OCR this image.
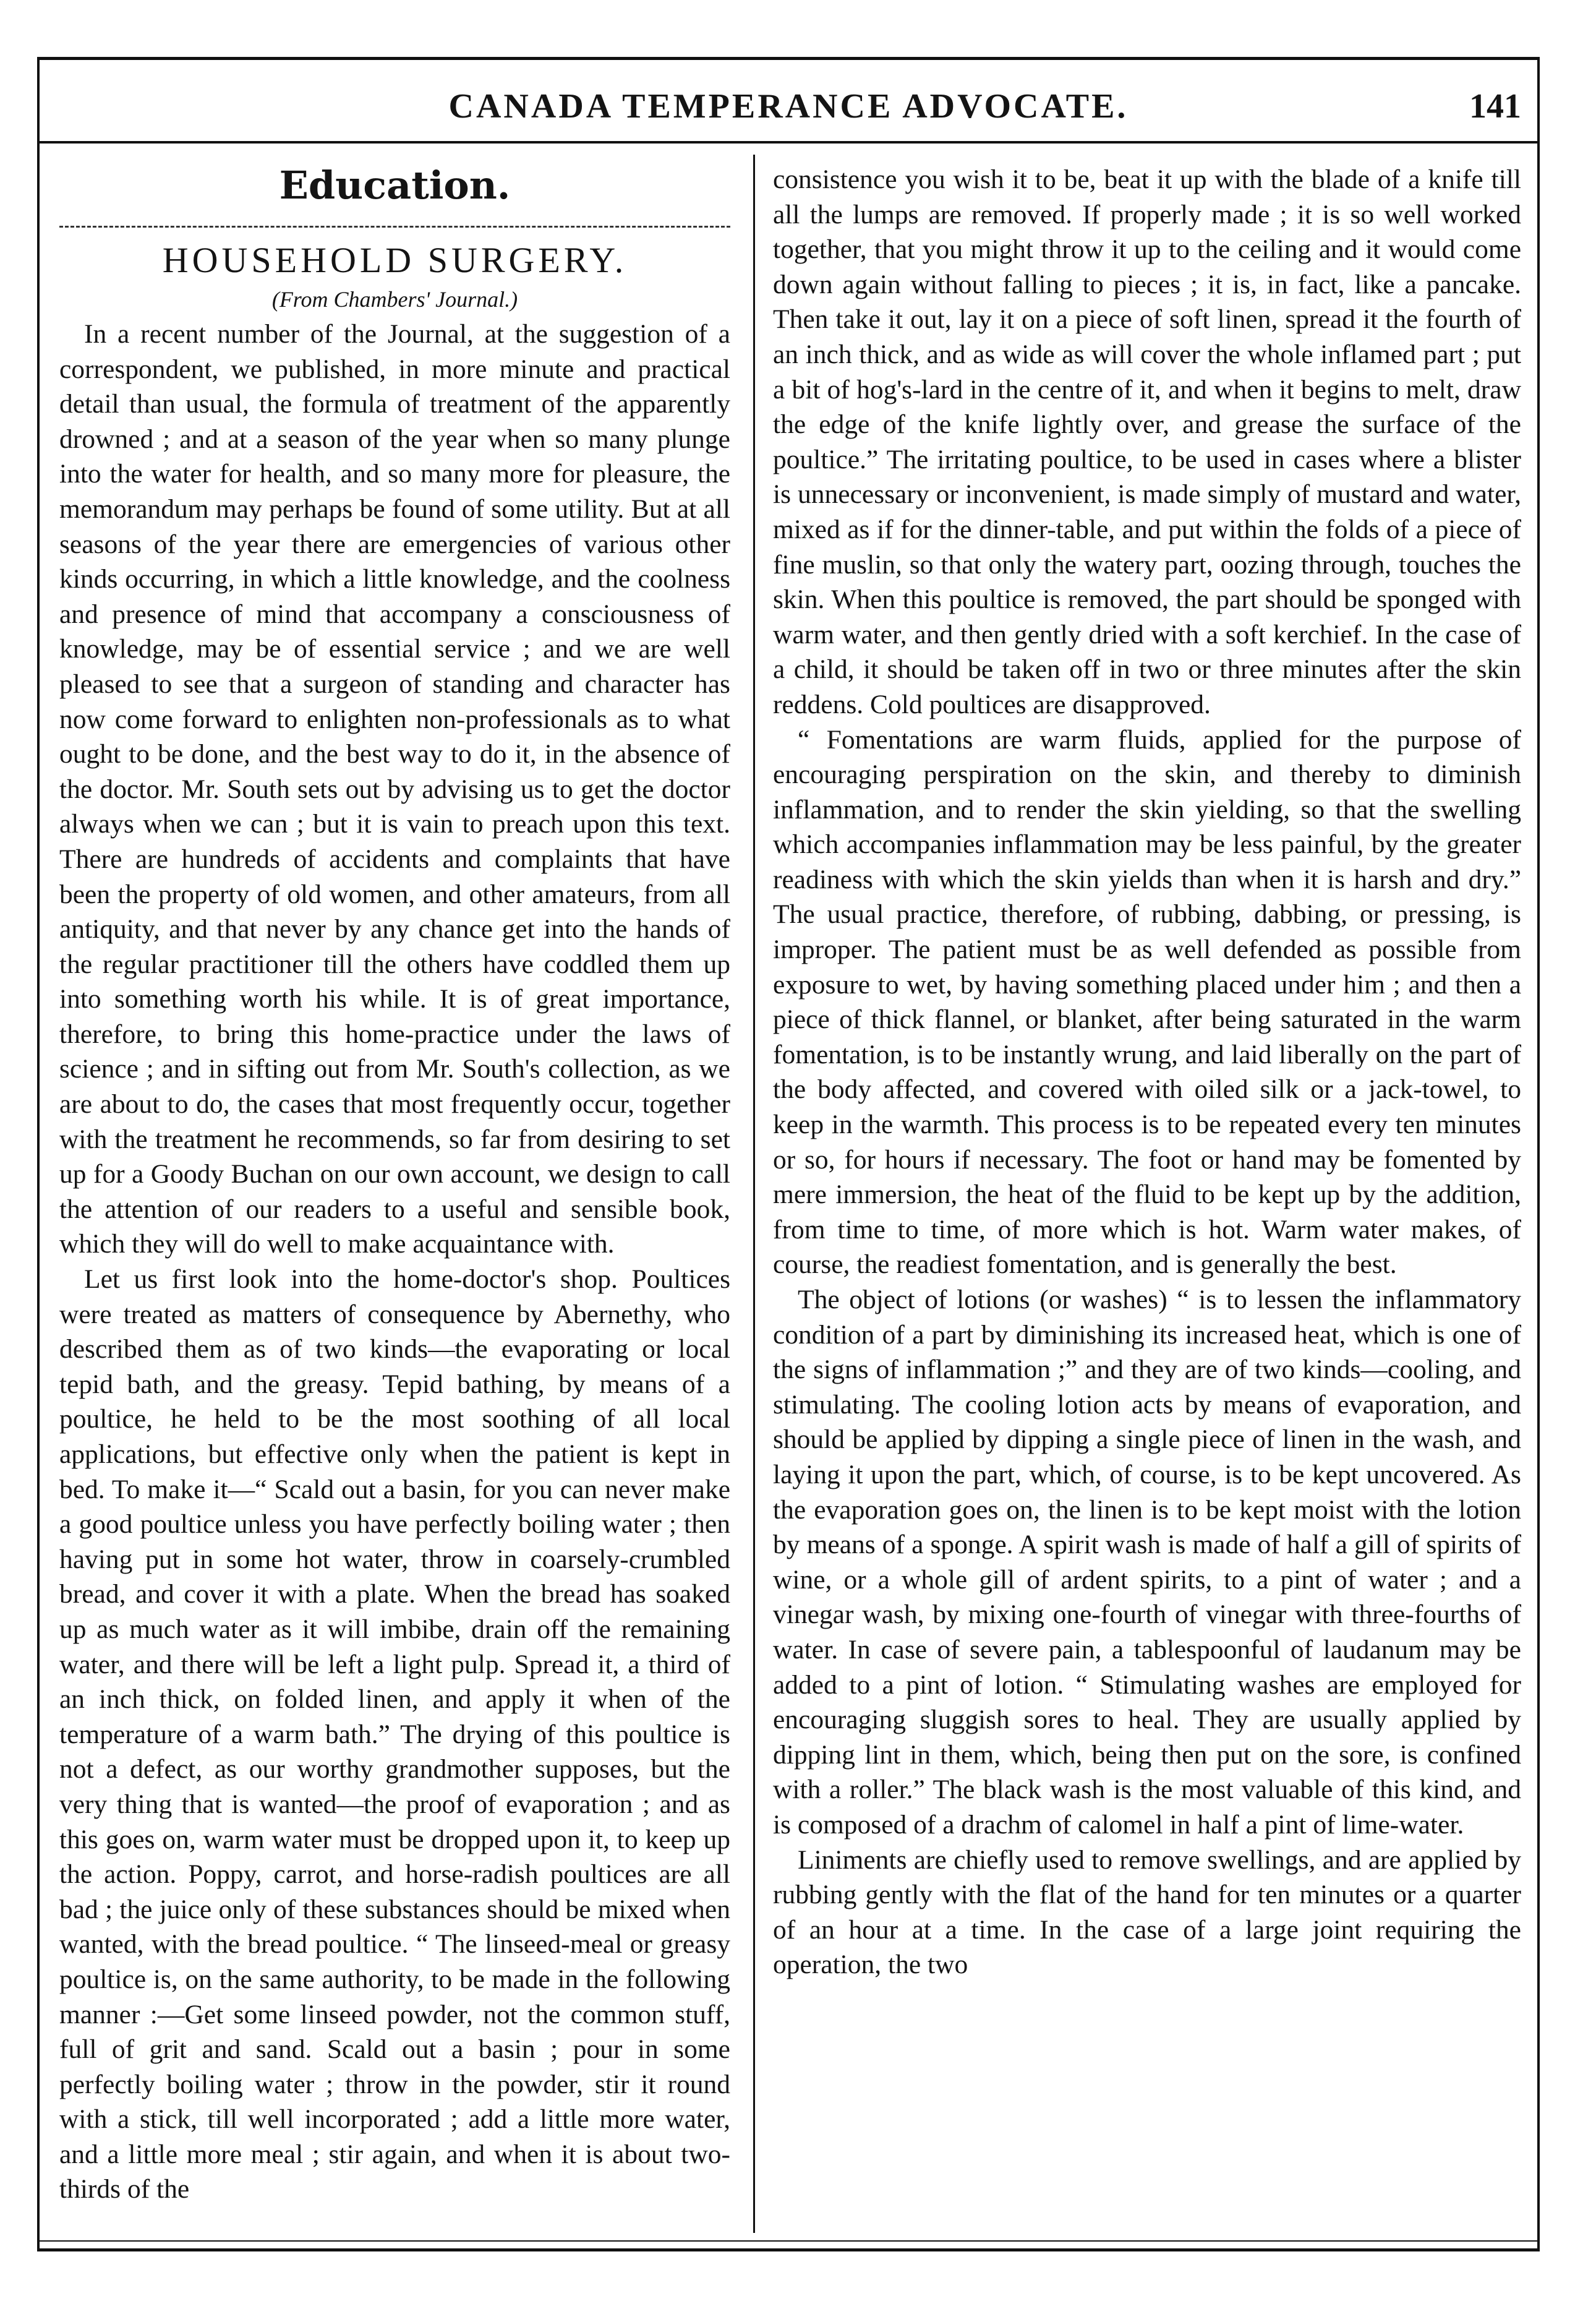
CANADA TEMPERANCE ADVOCATE.	141
Education.
HOUSEHOLD SURGERY.
(From Chambers' Journal.)

In a recent number of the Journal, at the suggestion of a correspondent, we published, in more minute and practical detail than usual, the formula of treatment of the apparently drowned ; and at a season of the year when so many plunge into the water for health, and so many more for pleasure, the memorandum may perhaps be found of some utility. But at all seasons of the year there are emergencies of various other kinds occurring, in which a little knowledge, and the coolness and presence of mind that accompany a consciousness of knowledge, may be of essential service ; and we are well pleased to see that a surgeon of standing and character has now come forward to enlighten non-professionals as to what ought to be done, and the best way to do it, in the absence of the doctor. Mr. South sets out by advising us to get the doctor always when we can ; but it is vain to preach upon this text. There are hundreds of accidents and complaints that have been the property of old women, and other amateurs, from all antiquity, and that never by any chance get into the hands of the regular practitioner till the others have coddled them up into something worth his while. It is of great importance, therefore, to bring this home-practice under the laws of science ; and in sifting out from Mr. South's collection, as we are about to do, the cases that most frequently occur, together with the treatment he recommends, so far from desiring to set up for a Goody Buchan on our own account, we design to call the attention of our readers to a useful and sensible book, which they will do well to make acquaintance with.

Let us first look into the home-doctor's shop. Poultices were treated as matters of consequence by Abernethy, who described them as of two kinds—the evaporating or local tepid bath, and the greasy. Tepid bathing, by means of a poultice, he held to be the most soothing of all local applications, but effective only when the patient is kept in bed. To make it—“ Scald out a basin, for you can never make a good poultice unless you have perfectly boiling water ; then having put in some hot water, throw in coarsely-crumbled bread, and cover it with a plate. When the bread has soaked up as much water as it will imbibe, drain off the remaining water, and there will be left a light pulp. Spread it, a third of an inch thick, on folded linen, and apply it when of the temperature of a warm bath.” The drying of this poultice is not a defect, as our worthy grandmother supposes, but the very thing that is wanted—the proof of evaporation ; and as this goes on, warm water must be dropped upon it, to keep up the action. Poppy, carrot, and horse-radish poultices are all bad ; the juice only of these substances should be mixed when wanted, with the bread poultice. “ The linseed-meal or greasy poultice is, on the same authority, to be made in the following manner :—Get some linseed powder, not the common stuff, full of grit and sand. Scald out a basin ; pour in some perfectly boiling water ; throw in the powder, stir it round with a stick, till well incorporated ; add a little more water, and a little more meal ; stir again, and when it is about two-thirds of the

consistence you wish it to be, beat it up with the blade of a knife till all the lumps are removed. If properly made ; it is so well worked together, that you might throw it up to the ceiling and it would come down again without falling to pieces ; it is, in fact, like a pancake. Then take it out, lay it on a piece of soft linen, spread it the fourth of an inch thick, and as wide as will cover the whole inflamed part ; put a bit of hog's-lard in the centre of it, and when it begins to melt, draw the edge of the knife lightly over, and grease the surface of the poultice.” The irritating poultice, to be used in cases where a blister is unnecessary or inconvenient, is made simply of mustard and water, mixed as if for the dinner-table, and put within the folds of a piece of fine muslin, so that only the watery part, oozing through, touches the skin. When this poultice is removed, the part should be sponged with warm water, and then gently dried with a soft kerchief. In the case of a child, it should be taken off in two or three minutes after the skin reddens. Cold poultices are disapproved.

“ Fomentations are warm fluids, applied for the purpose of encouraging perspiration on the skin, and thereby to diminish inflammation, and to render the skin yielding, so that the swelling which accompanies inflammation may be less painful, by the greater readiness with which the skin yields than when it is harsh and dry.” The usual practice, therefore, of rubbing, dabbing, or pressing, is improper. The patient must be as well defended as possible from exposure to wet, by having something placed under him ; and then a piece of thick flannel, or blanket, after being saturated in the warm fomentation, is to be instantly wrung, and laid liberally on the part of the body affected, and covered with oiled silk or a jack-towel, to keep in the warmth. This process is to be repeated every ten minutes or so, for hours if necessary. The foot or hand may be fomented by mere immersion, the heat of the fluid to be kept up by the addition, from time to time, of more which is hot. Warm water makes, of course, the readiest fomentation, and is generally the best.

The object of lotions (or washes) “ is to lessen the inflammatory condition of a part by diminishing its increased heat, which is one of the signs of inflammation ;” and they are of two kinds—cooling, and stimulating. The cooling lotion acts by means of evaporation, and should be applied by dipping a single piece of linen in the wash, and laying it upon the part, which, of course, is to be kept uncovered. As the evaporation goes on, the linen is to be kept moist with the lotion by means of a sponge. A spirit wash is made of half a gill of spirits of wine, or a whole gill of ardent spirits, to a pint of water ; and a vinegar wash, by mixing one-fourth of vinegar with three-fourths of water. In case of severe pain, a tablespoonful of laudanum may be added to a pint of lotion. “ Stimulating washes are employed for encouraging sluggish sores to heal. They are usually applied by dipping lint in them, which, being then put on the sore, is confined with a roller.” The black wash is the most valuable of this kind, and is composed of a drachm of calomel in half a pint of lime-water.

Liniments are chiefly used to remove swellings, and are applied by rubbing gently with the flat of the hand for ten minutes or a quarter of an hour at a time. In the case of a large joint requiring the operation, the two
